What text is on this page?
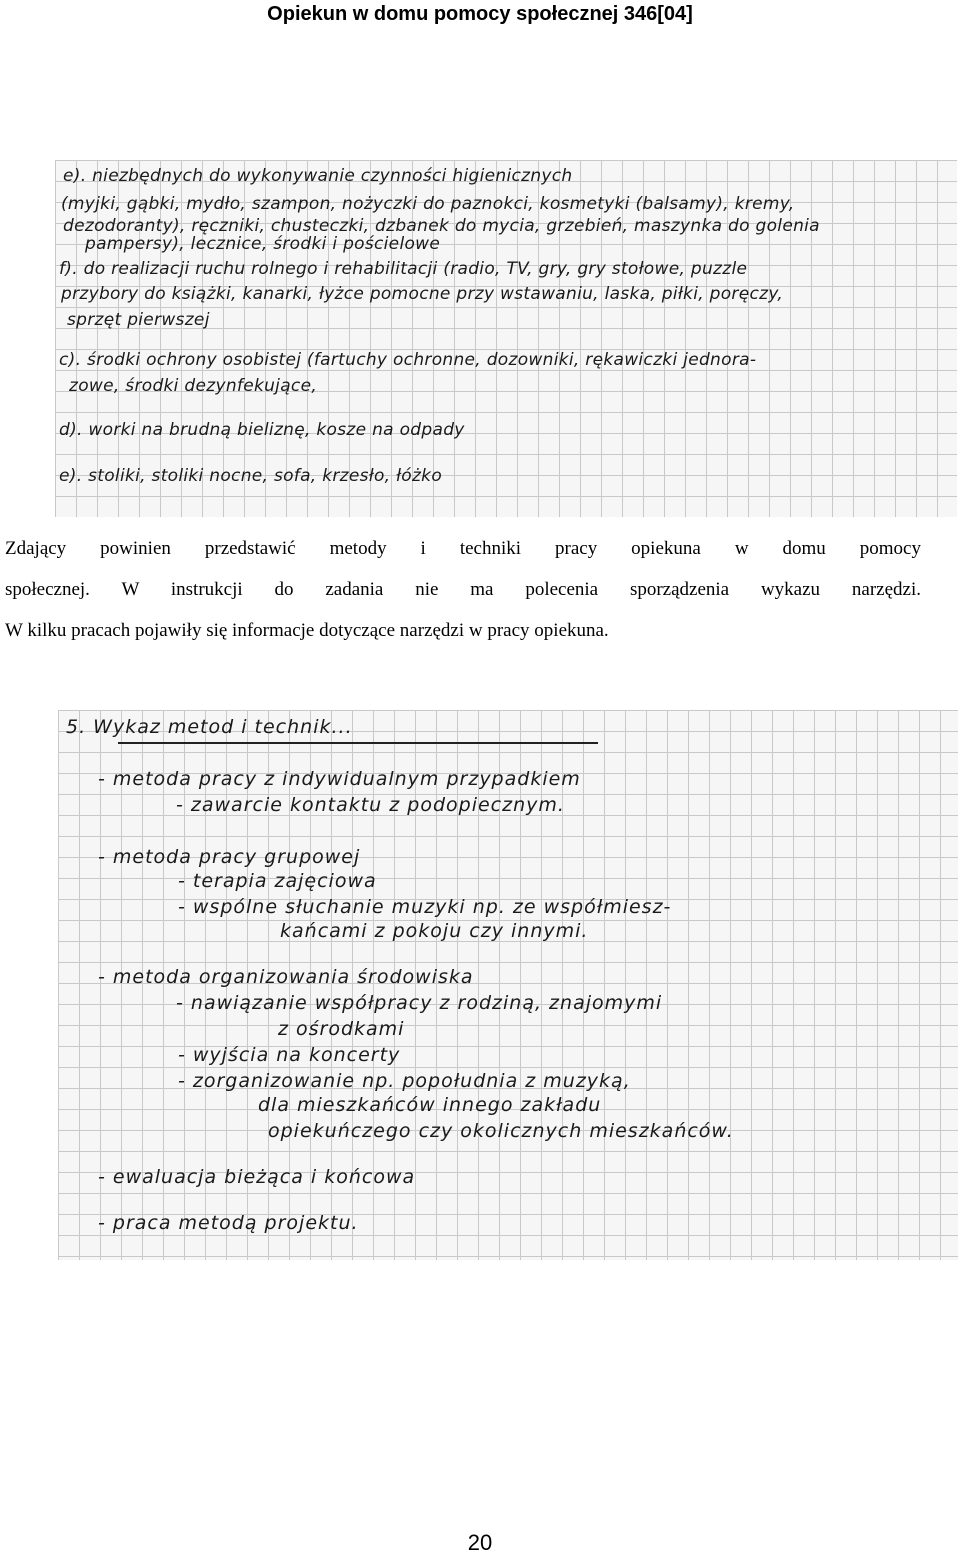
Opiekun w domu pomocy społecznej 346[04]
e). niezbędnych do wykonywanie czynności higienicznych
(myjki, gąbki, mydło, szampon, nożyczki do paznokci, kosmetyki (balsamy), kremy,
dezodoranty), ręczniki, chusteczki, dzbanek do mycia, grzebień, maszynka do golenia
pampersy), lecznice, środki i pościelowe
f). do realizacji ruchu rolnego i rehabilitacji (radio, TV, gry, gry stołowe, puzzle
przybory do książki, kanarki, łyżce pomocne przy wstawaniu, laska, piłki, poręczy,
sprzęt pierwszej
c). środki ochrony osobistej (fartuchy ochronne, dozowniki, rękawiczki jednora-
zowe, środki dezynfekujące,
d). worki na brudną bieliznę, kosze na odpady
e). stoliki, stoliki nocne, sofa, krzesło, łóżko
Zdający powinien przedstawić metody i techniki pracy opiekuna w domu pomocy
społecznej. W instrukcji do zadania nie ma polecenia sporządzenia wykazu narzędzi.
W kilku pracach pojawiły się informacje dotyczące narzędzi w pracy opiekuna.
5. Wykaz metod i technik...
- metoda pracy z indywidualnym przypadkiem
- zawarcie kontaktu z podopiecznym.
- metoda pracy grupowej
- terapia zajęciowa
- wspólne słuchanie muzyki np. ze współmiesz-
kańcami z pokoju czy innymi.
- metoda organizowania środowiska
- nawiązanie współpracy z rodziną, znajomymi
z ośrodkami
- wyjścia na koncerty
- zorganizowanie np. popołudnia z muzyką,
dla mieszkańców innego zakładu
opiekuńczego czy okolicznych mieszkańców.
- ewaluacja bieżąca i końcowa
- praca metodą projektu.
20
